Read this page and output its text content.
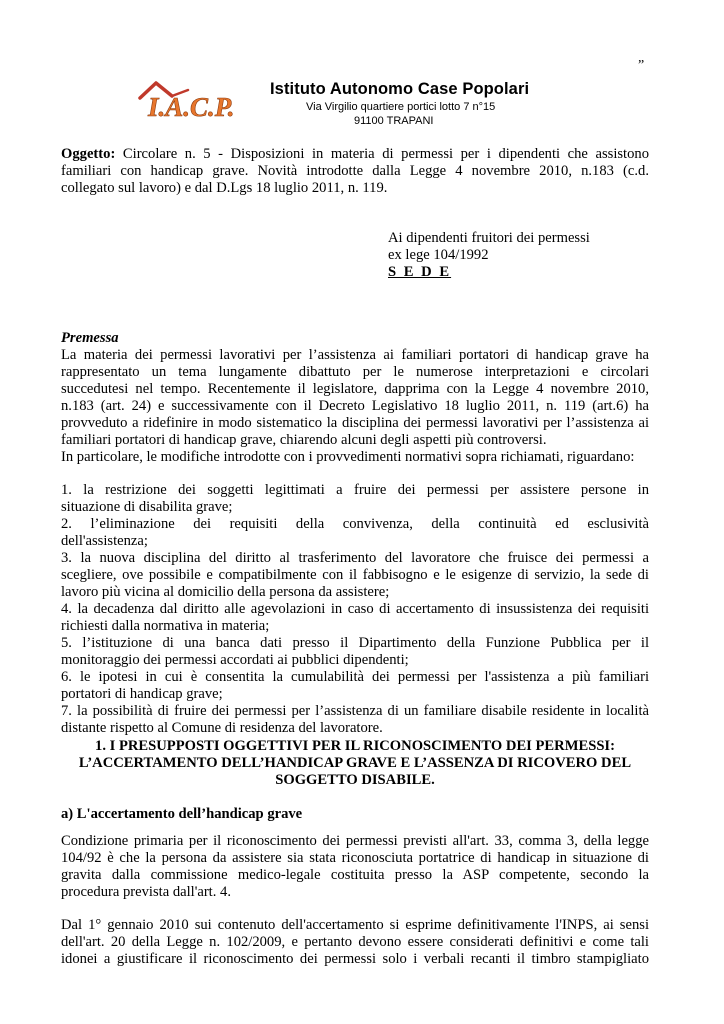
”
I.A.C.P.
Istituto Autonomo Case Popolari
Via Virgilio quartiere portici lotto 7 n°15
91100 TRAPANI

Oggetto: Circolare n. 5 - Disposizioni in materia di permessi per i dipendenti che assistono

familiari con handicap grave. Novità introdotte dalla Legge 4 novembre 2010, n.183 (c.d.

collegato sul lavoro) e dal D.Lgs 18 luglio 2011, n. 119.

Ai dipendenti fruitori dei permessi
ex lege 104/1992
S E D E

Premessa

La materia dei permessi lavorativi per l’assistenza ai familiari portatori di handicap grave ha

rappresentato un tema lungamente dibattuto per le numerose interpretazioni e circolari

succedutesi nel tempo. Recentemente il legislatore, dapprima con la Legge 4 novembre 2010,

n.183 (art. 24) e successivamente con il Decreto Legislativo 18 luglio 2011, n. 119 (art.6) ha

provveduto a ridefinire in modo sistematico la disciplina dei permessi lavorativi per l’assistenza ai

familiari portatori di handicap grave, chiarendo alcuni degli aspetti più controversi.

In particolare, le modifiche introdotte con i provvedimenti normativi sopra richiamati, riguardano:

1. la restrizione dei soggetti legittimati a fruire dei permessi per assistere persone in

situazione di disabilita grave;

2. l’eliminazione dei requisiti della convivenza, della continuità ed esclusività

dell'assistenza;

3. la nuova disciplina del diritto al trasferimento del lavoratore che fruisce dei permessi a

scegliere, ove possibile e compatibilmente con il fabbisogno e le esigenze di servizio, la sede di

lavoro più vicina al domicilio della persona da assistere;

4. la decadenza dal diritto alle agevolazioni in caso di accertamento di insussistenza dei requisiti

richiesti dalla normativa in materia;

5. l’istituzione di una banca dati presso il Dipartimento della Funzione Pubblica per il

monitoraggio dei permessi accordati ai pubblici dipendenti;

6. le ipotesi in cui è consentita la cumulabilità dei permessi per l'assistenza a più familiari

portatori di handicap grave;

7. la possibilità di fruire dei permessi per l’assistenza di un familiare disabile residente in località

distante rispetto al Comune di residenza del lavoratore.

1. I PRESUPPOSTI OGGETTIVI PER IL RICONOSCIMENTO DEI PERMESSI:

L’ACCERTAMENTO DELL’HANDICAP GRAVE E L’ASSENZA DI RICOVERO DEL

SOGGETTO DISABILE.

a) L'accertamento dell’handicap grave

Condizione primaria per il riconoscimento dei permessi previsti all'art. 33, comma 3, della legge

104/92 è che la persona da assistere sia stata riconosciuta portatrice di handicap in situazione di

gravita dalla commissione medico-legale costituita presso la ASP competente, secondo la

procedura prevista dall'art. 4.

Dal 1° gennaio 2010 sui contenuto dell'accertamento si esprime definitivamente l'INPS, ai sensi

dell'art. 20 della Legge n. 102/2009, e pertanto devono essere considerati definitivi e come tali

idonei a giustificare il riconoscimento dei permessi solo i verbali recanti il timbro stampigliato
